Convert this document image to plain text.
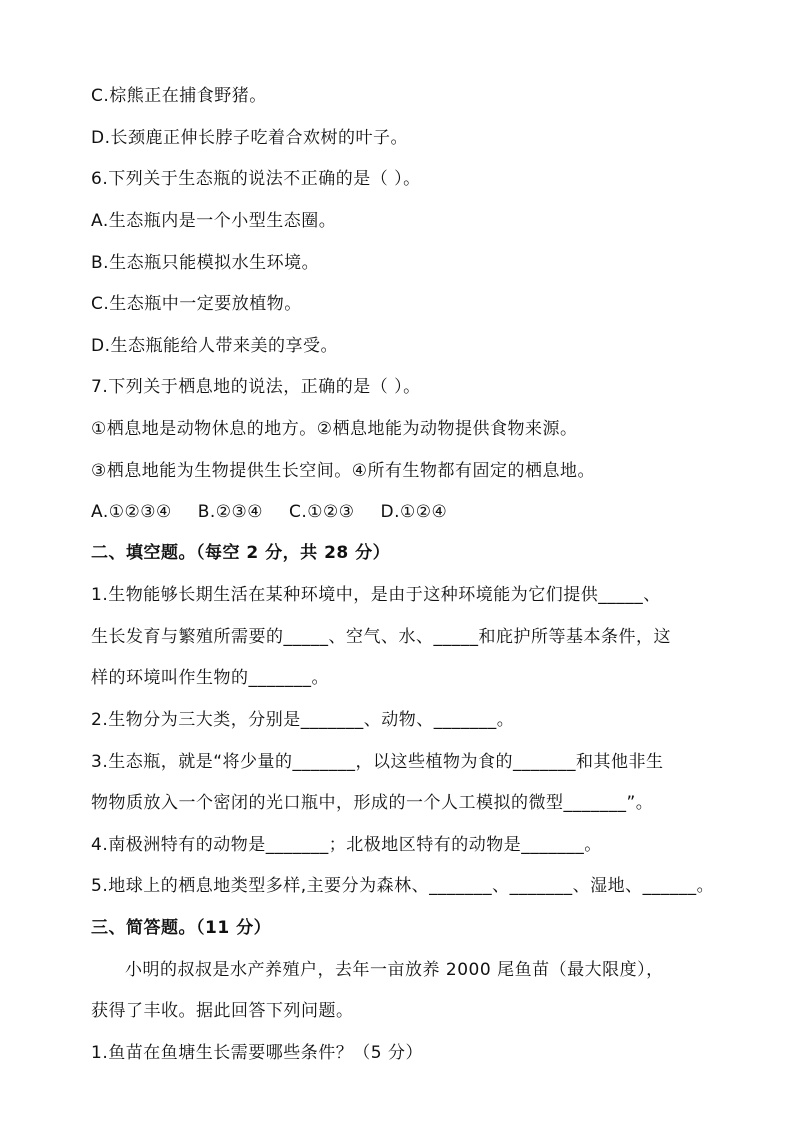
C.棕熊正在捕食野猪。
D.长颈鹿正伸长脖子吃着合欢树的叶子。
6.下列关于生态瓶的说法不正确的是（ ）。
A.生态瓶内是一个小型生态圈。
B.生态瓶只能模拟水生环境。
C.生态瓶中一定要放植物。
D.生态瓶能给人带来美的享受。
7.下列关于栖息地的说法，正确的是（ ）。
①栖息地是动物休息的地方。②栖息地能为动物提供食物来源。
③栖息地能为生物提供生长空间。④所有生物都有固定的栖息地。
A.①②③④ B.②③④ C.①②③ D.①②④
二、填空题。（每空 2 分，共 28 分）
1.生物能够长期生活在某种环境中，是由于这种环境能为它们提供_____、
生长发育与繁殖所需要的_____、空气、水、_____和庇护所等基本条件，这
样的环境叫作生物的_______。
2.生物分为三大类，分别是_______、动物、_______。
3.生态瓶，就是“将少量的_______，以这些植物为食的_______和其他非生
物物质放入一个密闭的光口瓶中，形成的一个人工模拟的微型_______”。
4.南极洲特有的动物是_______；北极地区特有的动物是_______。
5.地球上的栖息地类型多样,主要分为森林、_______、_______、湿地、______。
三、简答题。（11 分）
小明的叔叔是水产养殖户，去年一亩放养 2000 尾鱼苗（最大限度），
获得了丰收。据此回答下列问题。
1.鱼苗在鱼塘生长需要哪些条件？（5 分）
